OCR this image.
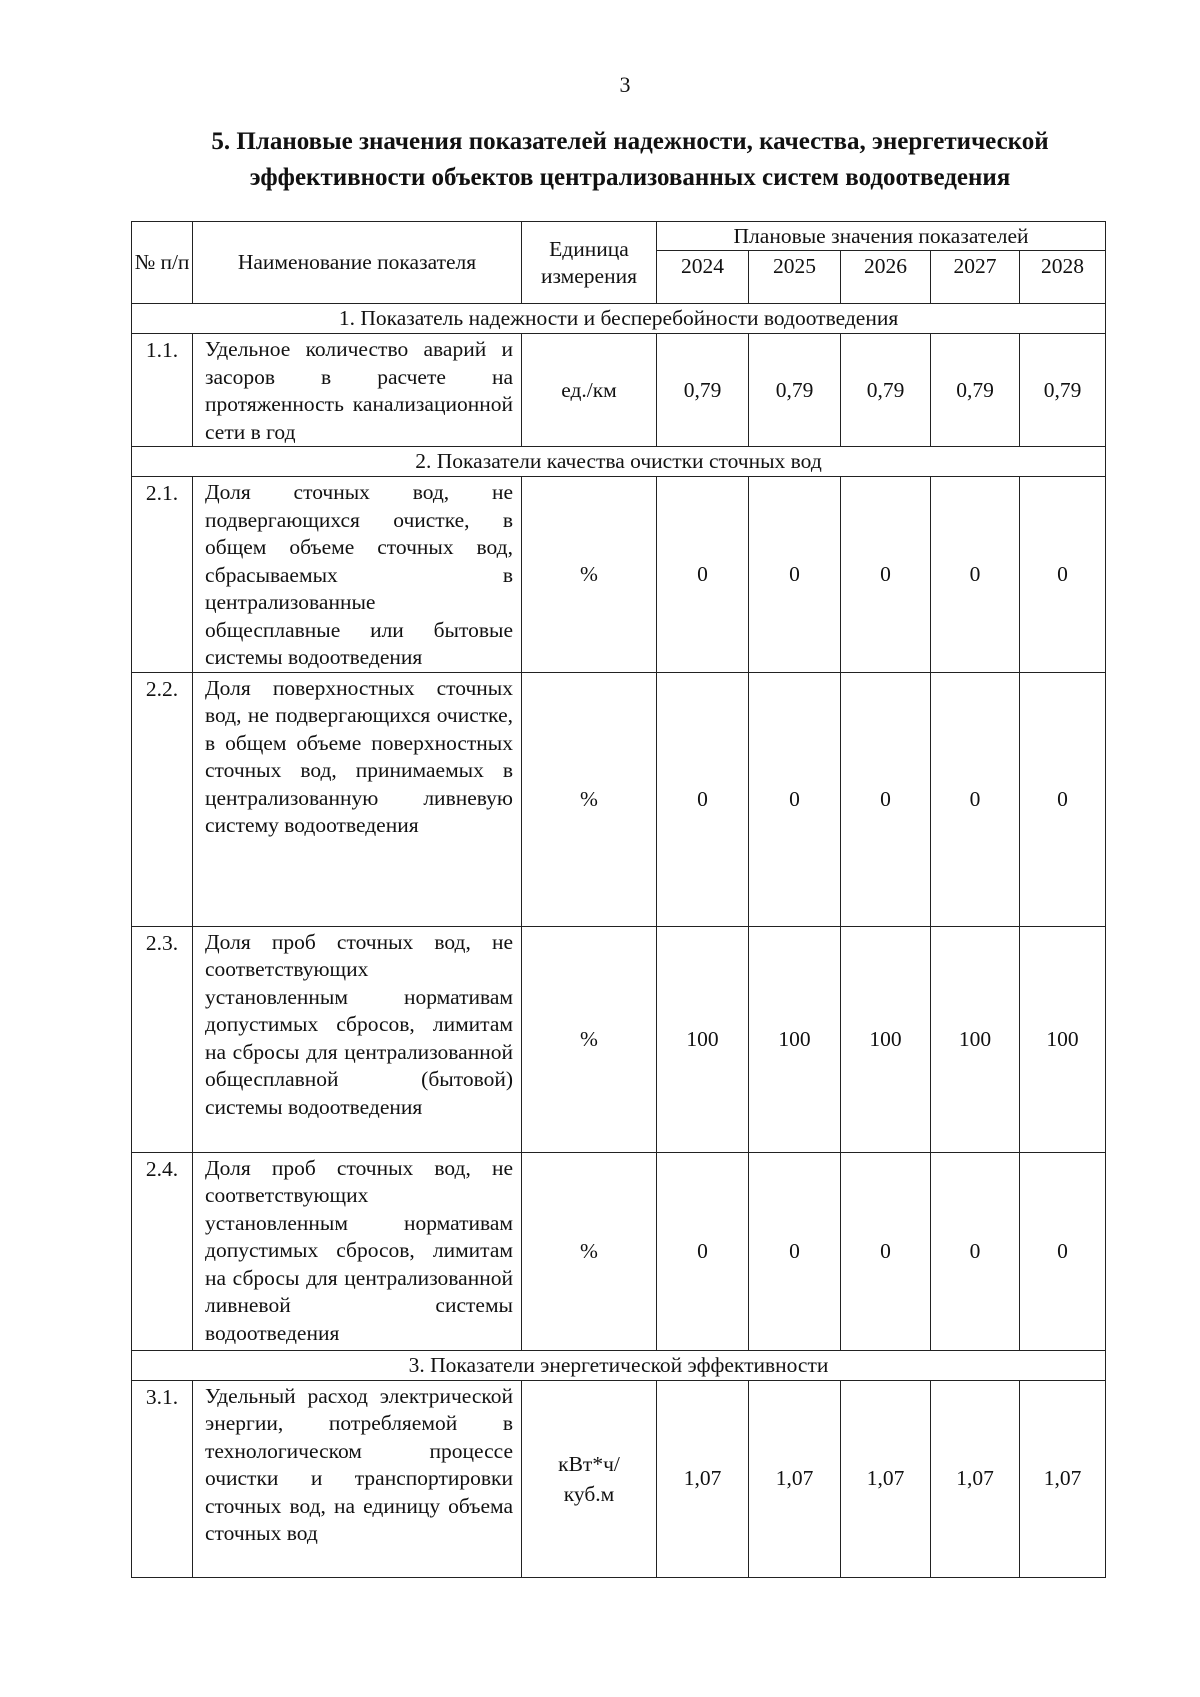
3
5. Плановые значения показателей надежности, качества, энергетической эффективности объектов централизованных систем водоотведения
№ п/п	Наименование показателя	Единица измерения	Плановые значения показателей				
			2024	2025	2026	2027	2028
1. Показатель надежности и бесперебойности водоотведения							
1.1.	Удельное количество аварий и засоров в расчете на протяженность канализационной сети в год	ед./км	0,79	0,79	0,79	0,79	0,79
2. Показатели качества очистки сточных вод							
2.1.	Доля сточных вод, не подвергающихся очистке, в общем объеме сточных вод, сбрасываемых в централизованные общесплавные или бытовые системы водоотведения	%	0	0	0	0	0
2.2.	Доля поверхностных сточных вод, не подвергающихся очистке, в общем объеме поверхностных сточных вод, принимаемых в централизованную ливневую систему водоотведения	%	0	0	0	0	0
2.3.	Доля проб сточных вод, не соответствующих установленным нормативам допустимых сбросов, лимитам на сбросы для централизованной общесплавной (бытовой) системы водоотведения	%	100	100	100	100	100
2.4.	Доля проб сточных вод, не соответствующих установленным нормативам допустимых сбросов, лимитам на сбросы для централизованной ливневой системы водоотведения	%	0	0	0	0	0
3. Показатели энергетической эффективности							
3.1.	Удельный расход электрической энергии, потребляемой в технологическом процессе очистки и транспортировки сточных вод, на единицу объема сточных вод	кВт*ч/ куб.м	1,07	1,07	1,07	1,07	1,07
